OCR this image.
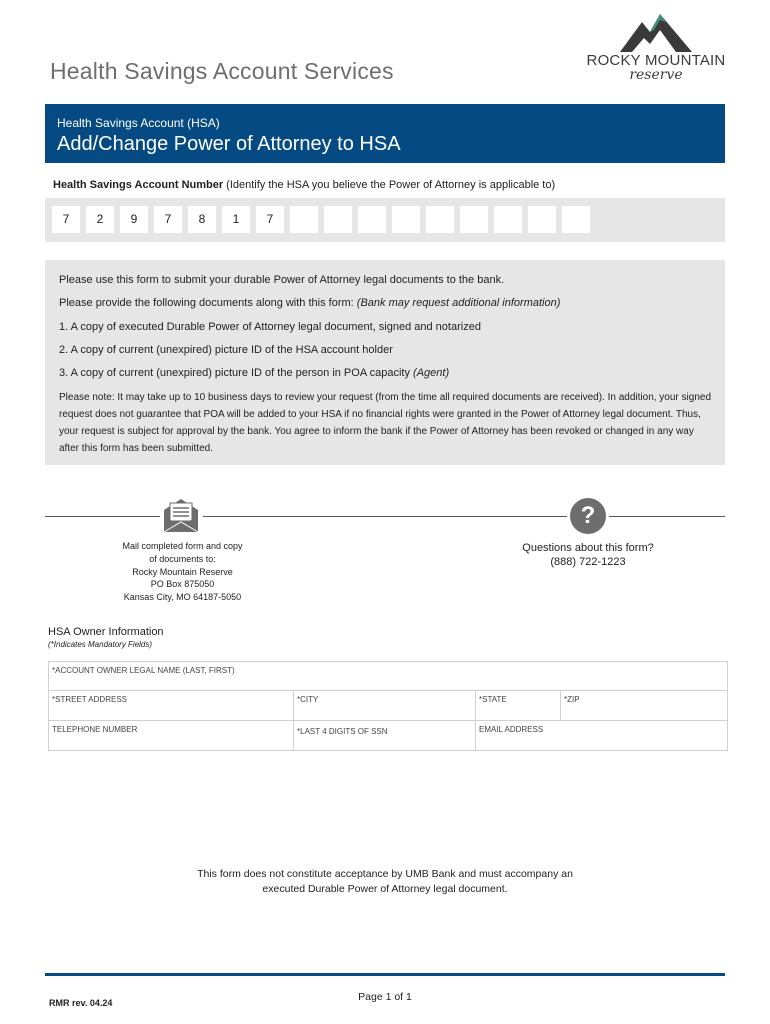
Health Savings Account Services	ROCKY MOUNTAIN
reserve
Health Savings Account (HSA)
Add/Change Power of Attorney to HSA
Health Savings Account Number (Identify the HSA you believe the Power of Attorney is applicable to)
7	2	9	7	8	1	7

Please use this form to submit your durable Power of Attorney legal documents to the bank.

Please provide the following documents along with this form: (Bank may request additional information)

1. A copy of executed Durable Power of Attorney legal document, signed and notarized

2. A copy of current (unexpired) picture ID of the HSA account holder

3. A copy of current (unexpired) picture ID of the person in POA capacity (Agent)

Please note: It may take up to 10 business days to review your request (from the time all required documents are received). In addition, your signed request does not guarantee that POA will be added to your HSA if no financial rights were granted in the Power of Attorney legal document. Thus, your request is subject for approval by the bank. You agree to inform the bank if the Power of Attorney has been revoked or changed in any way after this form has been submitted.

?
Mail completed form and copy
of documents to:
Rocky Mountain Reserve
PO Box 875050
Kansas City, MO 64187-5050
Questions about this form?
(888) 722-1223
HSA Owner Information
(*Indicates Mandatory Fields)
*ACCOUNT OWNER LEGAL NAME (LAST, FIRST)
*STREET ADDRESS	*CITY	*STATE	*ZIP
TELEPHONE NUMBER	*LAST 4 DIGITS OF SSN	EMAIL ADDRESS
This form does not constitute acceptance by UMB Bank and must accompany an
executed Durable Power of Attorney legal document.
RMR rev. 04.24	Page 1 of 1
